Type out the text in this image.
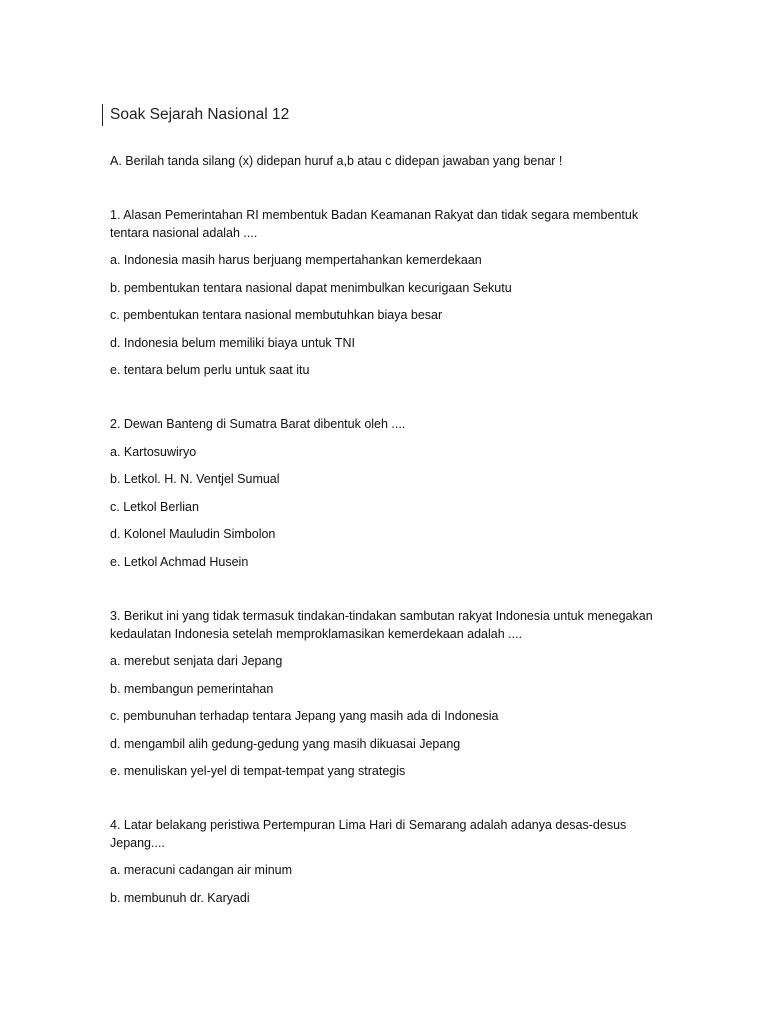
Soak Sejarah Nasional 12
A. Berilah tanda silang (x) didepan huruf a,b atau c didepan jawaban yang benar !

1. Alasan Pemerintahan RI membentuk Badan Keamanan Rakyat dan tidak segara membentuk tentara nasional adalah ....

a. Indonesia masih harus berjuang mempertahankan kemerdekaan

b. pembentukan tentara nasional dapat menimbulkan kecurigaan Sekutu

c. pembentukan tentara nasional membutuhkan biaya besar

d. Indonesia belum memiliki biaya untuk TNI

e. tentara belum perlu untuk saat itu

2. Dewan Banteng di Sumatra Barat dibentuk oleh ....

a. Kartosuwiryo

b. Letkol. H. N. Ventjel Sumual

c. Letkol Berlian

d. Kolonel Mauludin Simbolon

e. Letkol Achmad Husein

3. Berikut ini yang tidak termasuk tindakan-tindakan sambutan rakyat Indonesia untuk menegakan kedaulatan Indonesia setelah memproklamasikan kemerdekaan adalah ....

a. merebut senjata dari Jepang

b. membangun pemerintahan

c. pembunuhan terhadap tentara Jepang yang masih ada di Indonesia

d. mengambil alih gedung-gedung yang masih dikuasai Jepang

e. menuliskan yel-yel di tempat-tempat yang strategis

4. Latar belakang peristiwa Pertempuran Lima Hari di Semarang adalah adanya desas-desus Jepang....

a. meracuni cadangan air minum

b. membunuh dr. Karyadi
